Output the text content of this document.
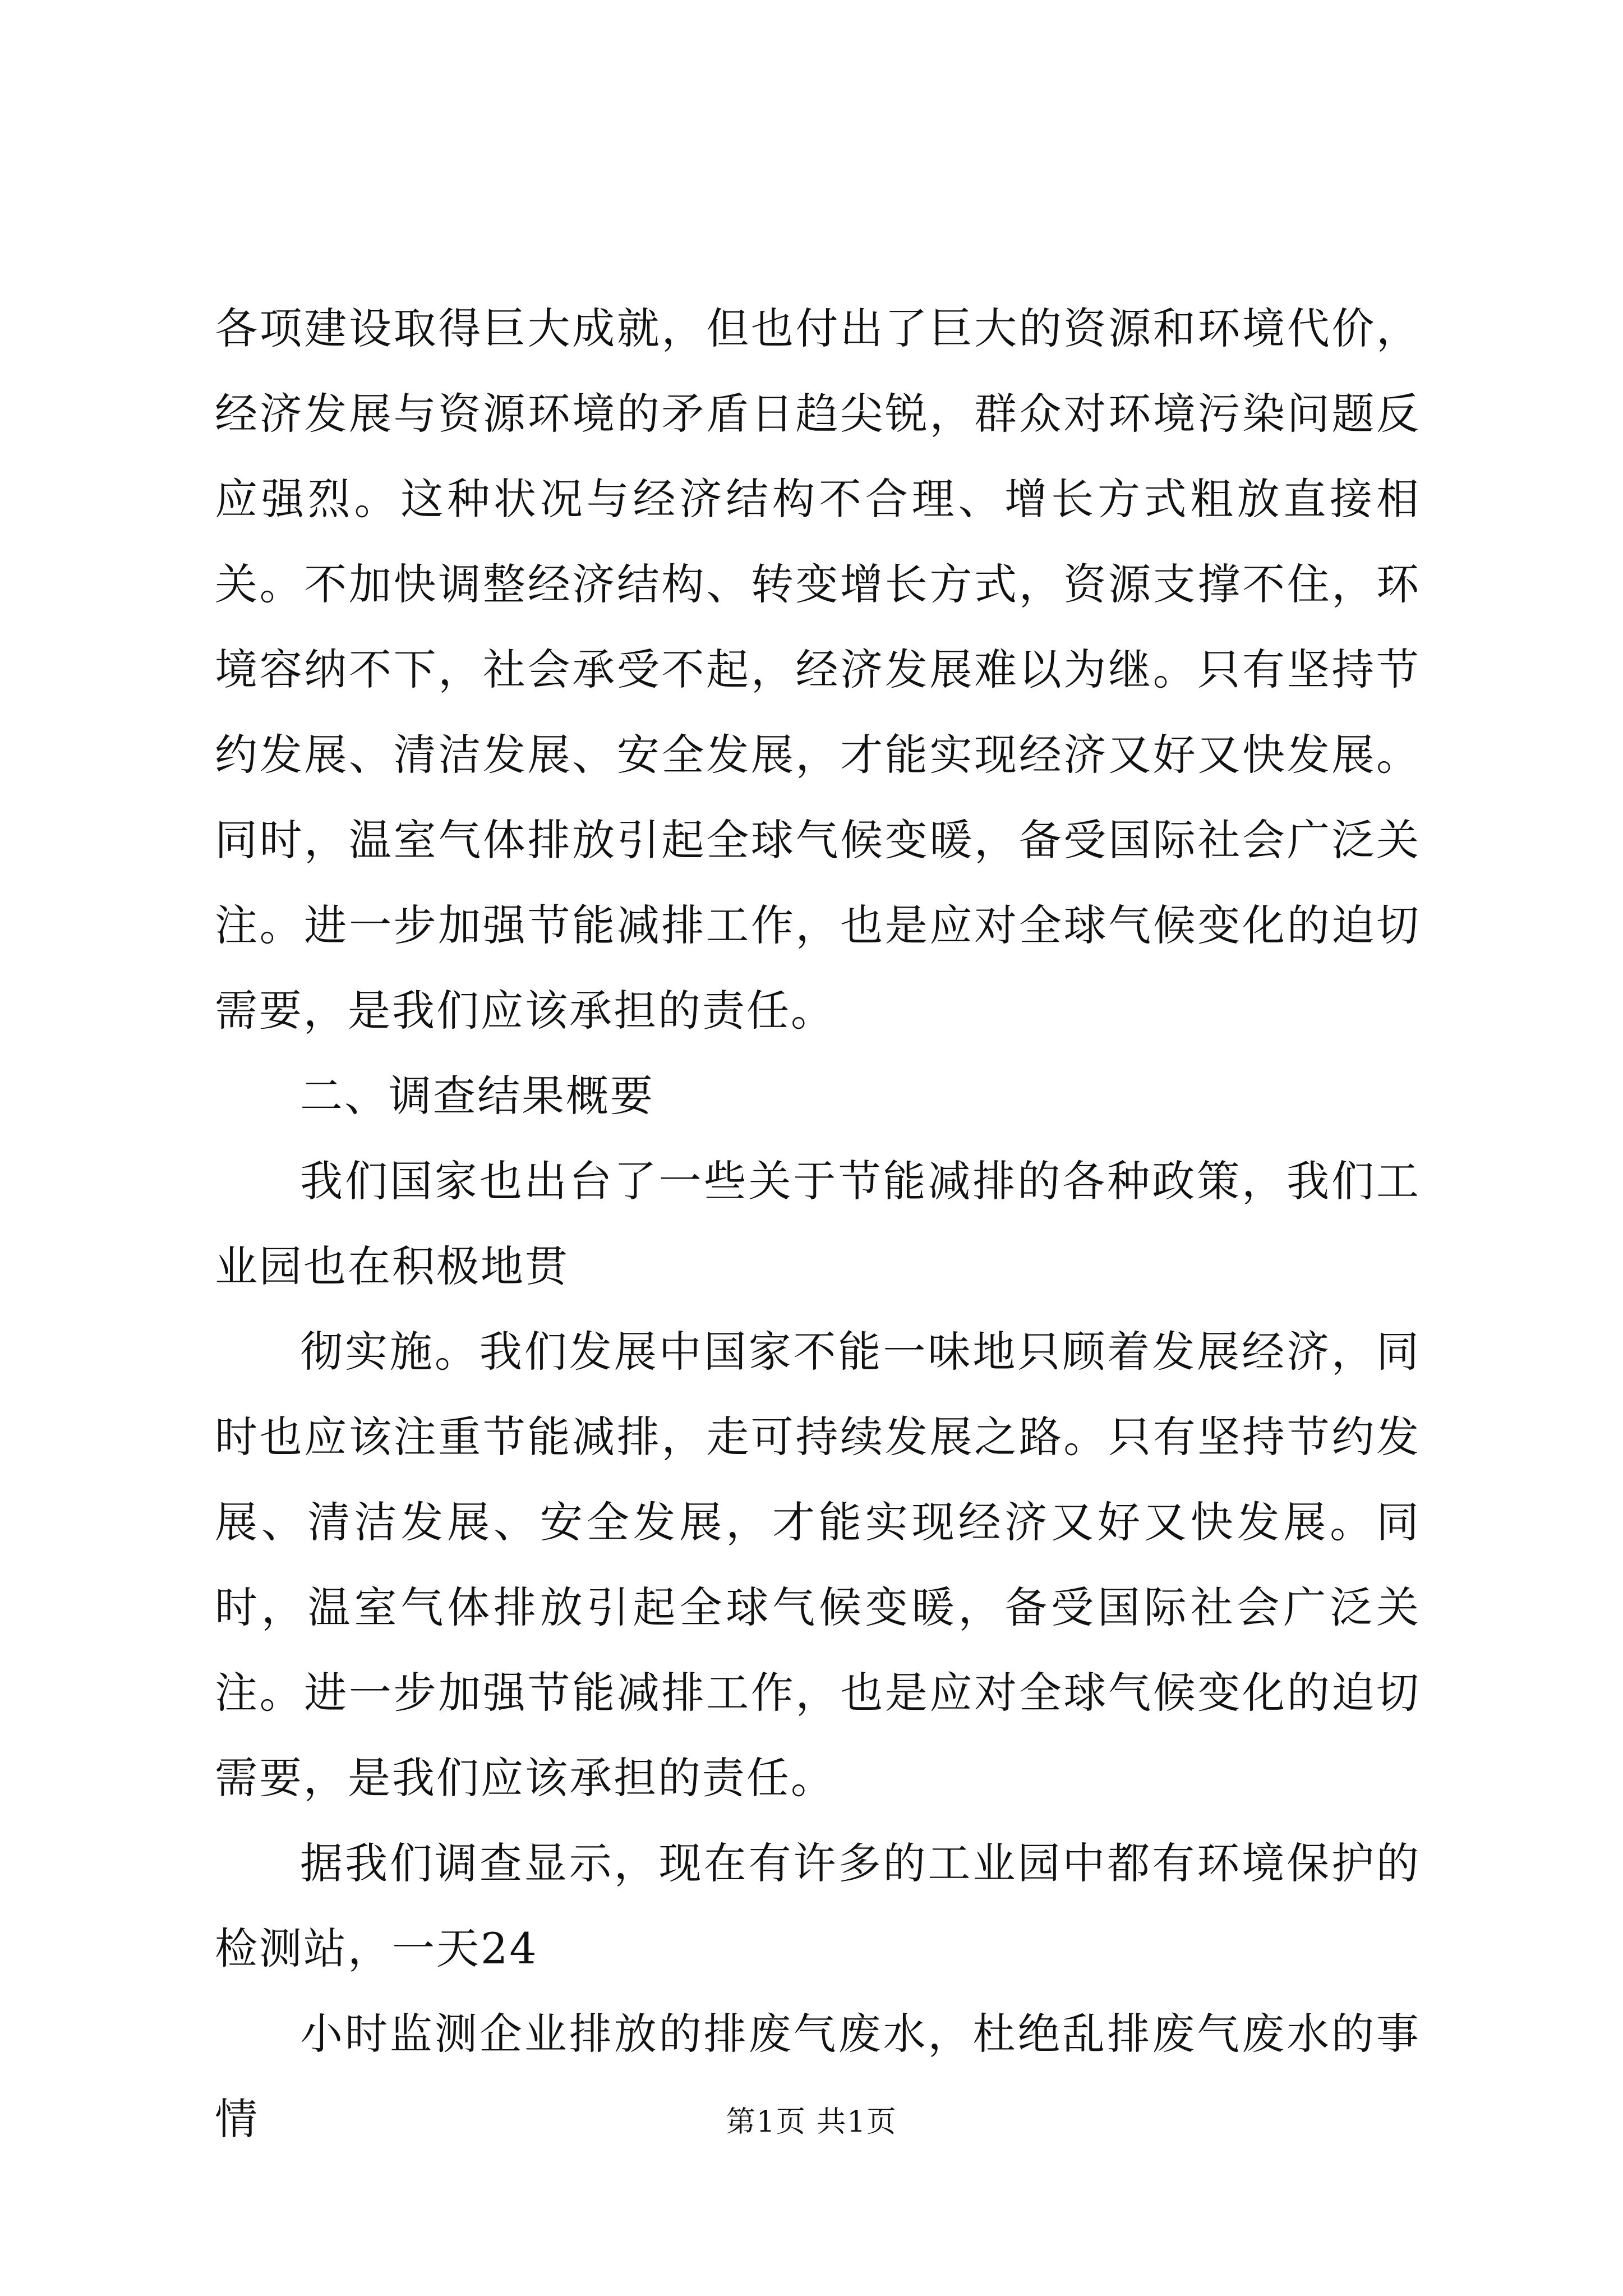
各项建设取得巨大成就，但也付出了巨大的资源和环境代价，经济发展与资源环境的矛盾日趋尖锐，群众对环境污染问题反应强烈。这种状况与经济结构不合理、增长方式粗放直接相关。不加快调整经济结构、转变增长方式，资源支撑不住，环境容纳不下，社会承受不起，经济发展难以为继。只有坚持节约发展、清洁发展、安全发展，才能实现经济又好又快发展。同时，温室气体排放引起全球气候变暖，备受国际社会广泛关注。进一步加强节能减排工作，也是应对全球气候变化的迫切需要，是我们应该承担的责任。

二、调查结果概要

我们国家也出台了一些关于节能减排的各种政策，我们工业园也在积极地贯

彻实施。我们发展中国家不能一味地只顾着发展经济，同时也应该注重节能减排，走可持续发展之路。只有坚持节约发展、清洁发展、安全发展，才能实现经济又好又快发展。同时，温室气体排放引起全球气候变暖，备受国际社会广泛关注。进一步加强节能减排工作，也是应对全球气候变化的迫切需要，是我们应该承担的责任。

据我们调查显示，现在有许多的工业园中都有环境保护的检测站，一天24

小时监测企业排放的排废气废水，杜绝乱排废气废水的事情	第1页 共1页
